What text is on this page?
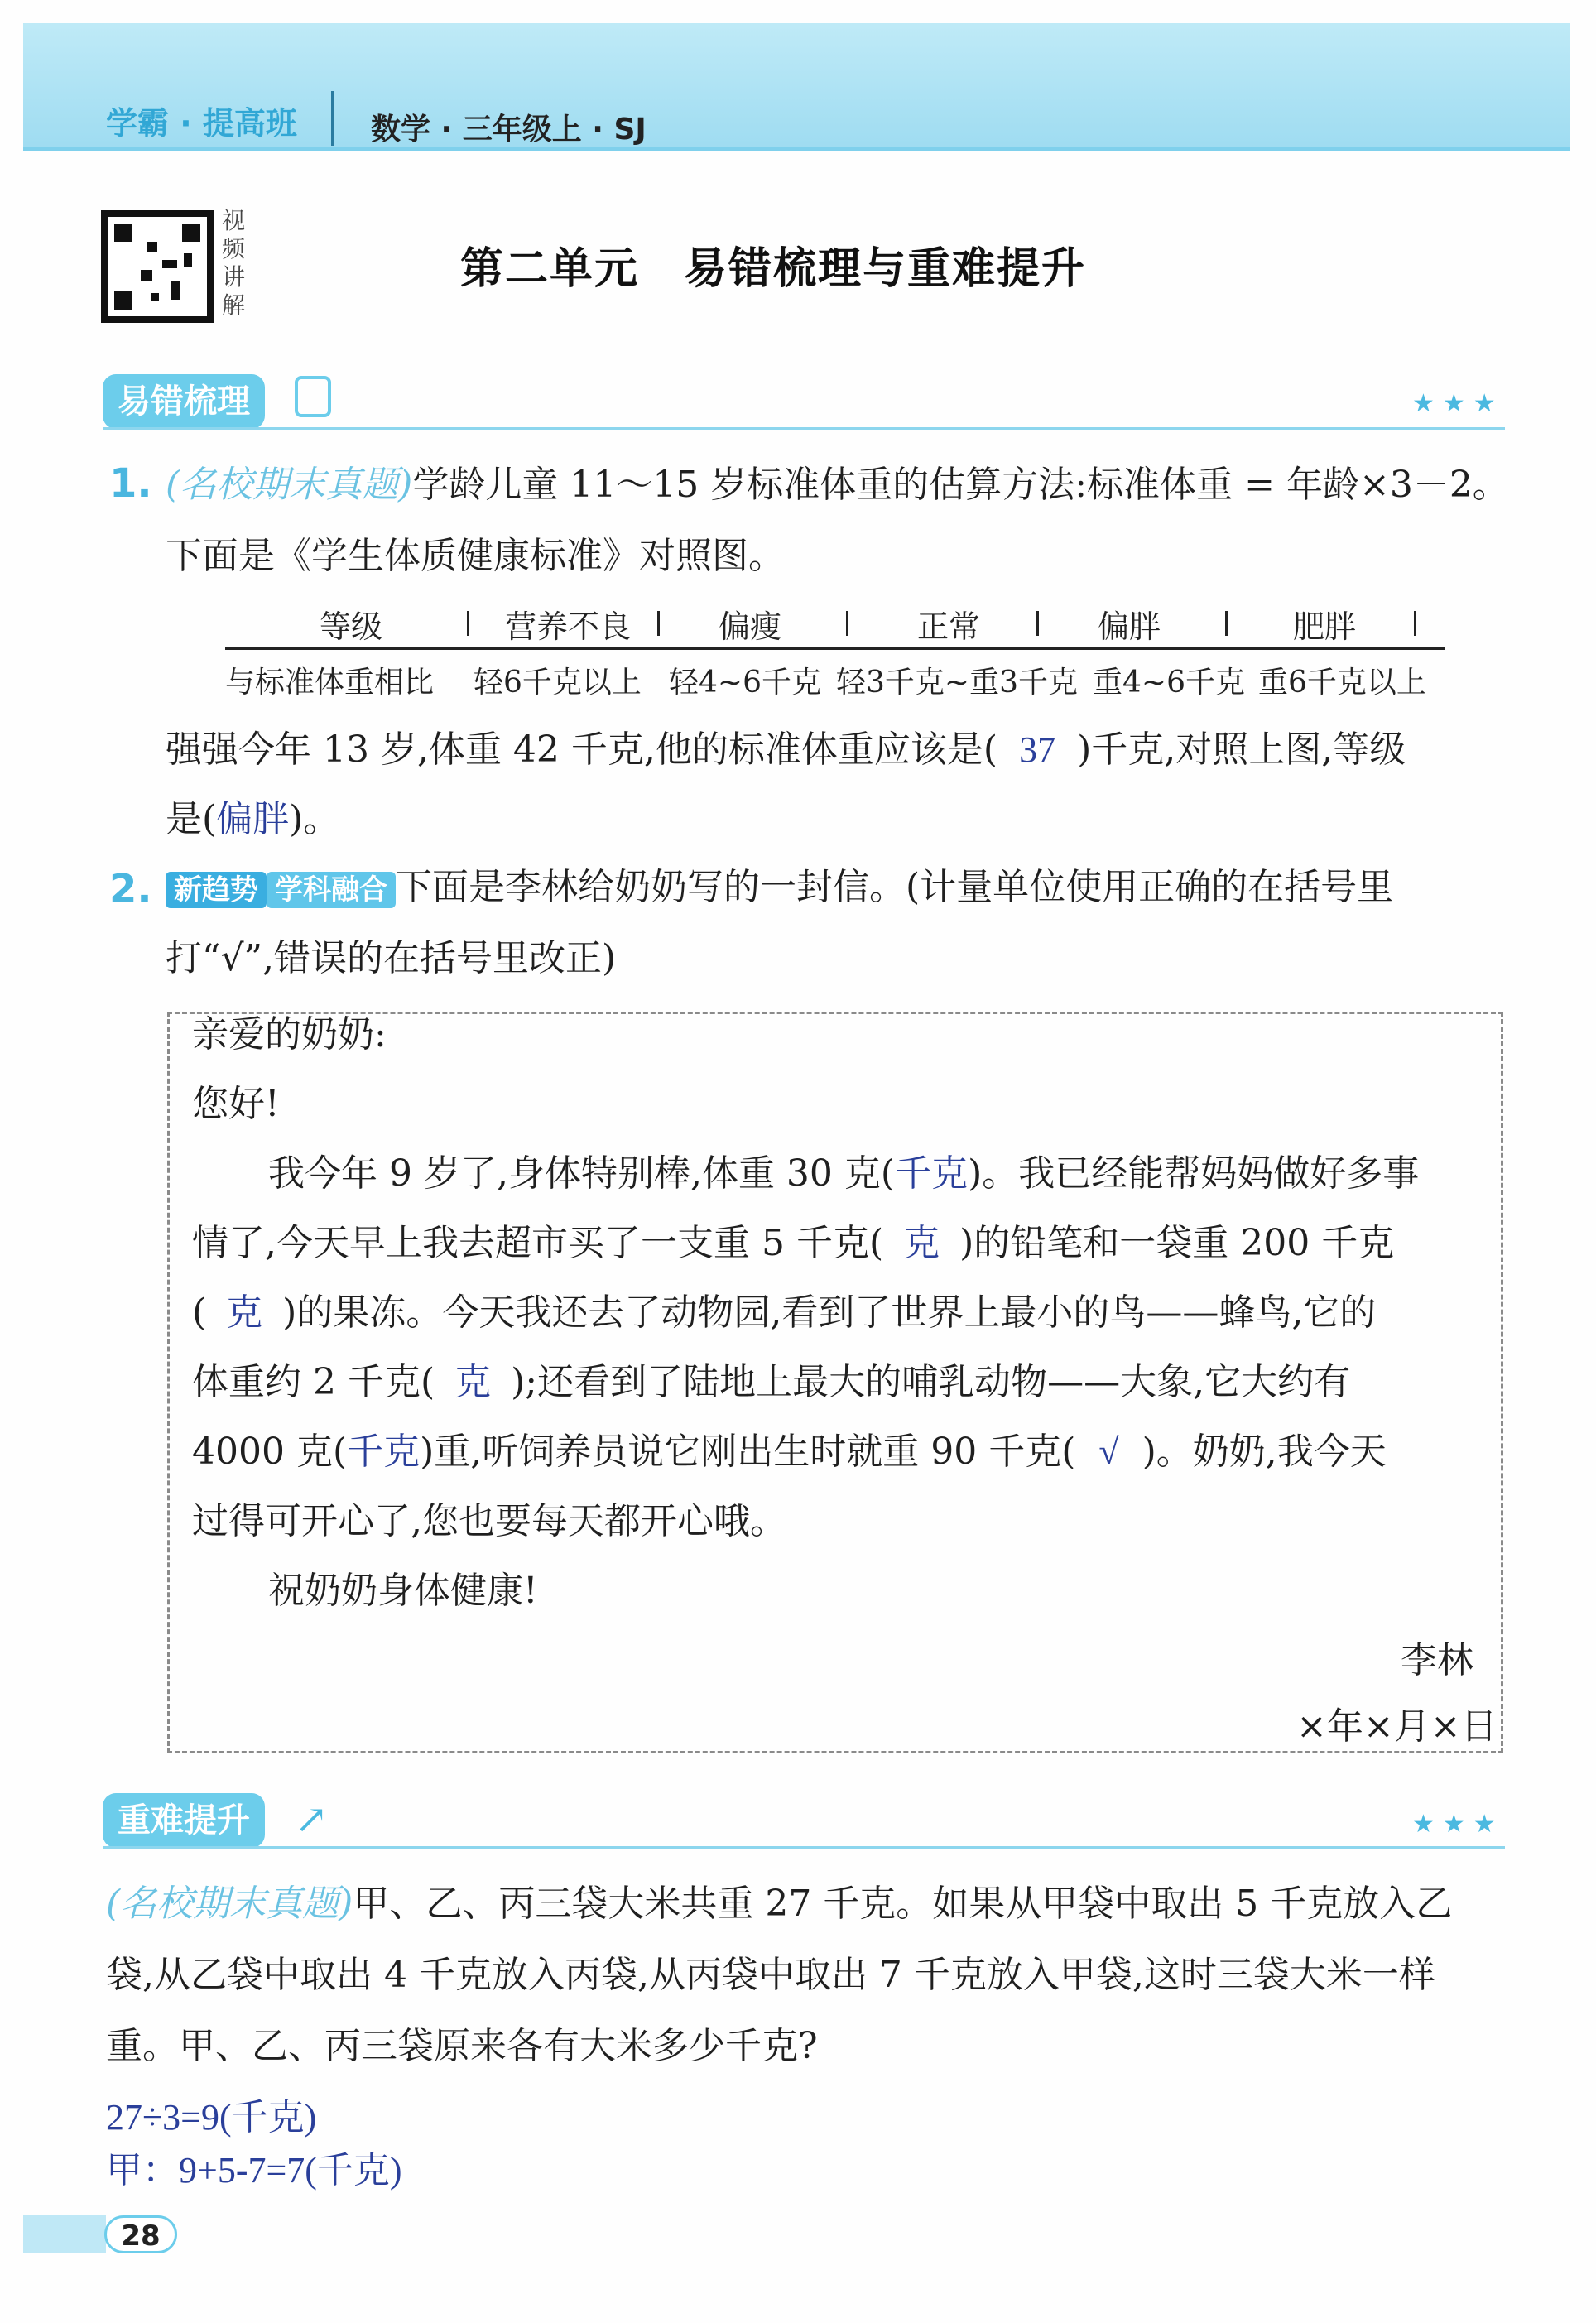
学霸 · 提高班 数学 · 三年级上 · SJ
视
频
讲
解
第二单元　易错梳理与重难提升
易错梳理	★★★
1. (名校期末真题)学龄儿童 11～15 岁标准体重的估算方法:标准体重 = 年龄×3－2。
下面是《学生体质健康标准》对照图。
等级	营养不良	偏瘦	正常	偏胖	肥胖
与标准体重相比 轻6千克以上 轻4~6千克 轻3千克~重3千克 重4~6千克 重6千克以上
强强今年 13 岁,体重 42 千克,他的标准体重应该是( 37 )千克,对照上图,等级
是(偏胖)。
2. 新趋势 学科融合 下面是李林给奶奶写的一封信。(计量单位使用正确的在括号里
打“√”,错误的在括号里改正)
亲爱的奶奶:
您好!
我今年 9 岁了,身体特别棒,体重 30 克(千克)。我已经能帮妈妈做好多事
情了,今天早上我去超市买了一支重 5 千克( 克 )的铅笔和一袋重 200 千克
( 克 )的果冻。今天我还去了动物园,看到了世界上最小的鸟——蜂鸟,它的
体重约 2 千克( 克 );还看到了陆地上最大的哺乳动物——大象,它大约有
4000 克(千克)重,听饲养员说它刚出生时就重 90 千克( √ )。奶奶,我今天
过得可开心了,您也要每天都开心哦。
祝奶奶身体健康!
李林
×年×月×日
重难提升	↗	★★★
(名校期末真题)甲、乙、丙三袋大米共重 27 千克。如果从甲袋中取出 5 千克放入乙
袋,从乙袋中取出 4 千克放入丙袋,从丙袋中取出 7 千克放入甲袋,这时三袋大米一样
重。甲、乙、丙三袋原来各有大米多少千克?
27÷3=9(千克)
甲：9+5-7=7(千克)
28
